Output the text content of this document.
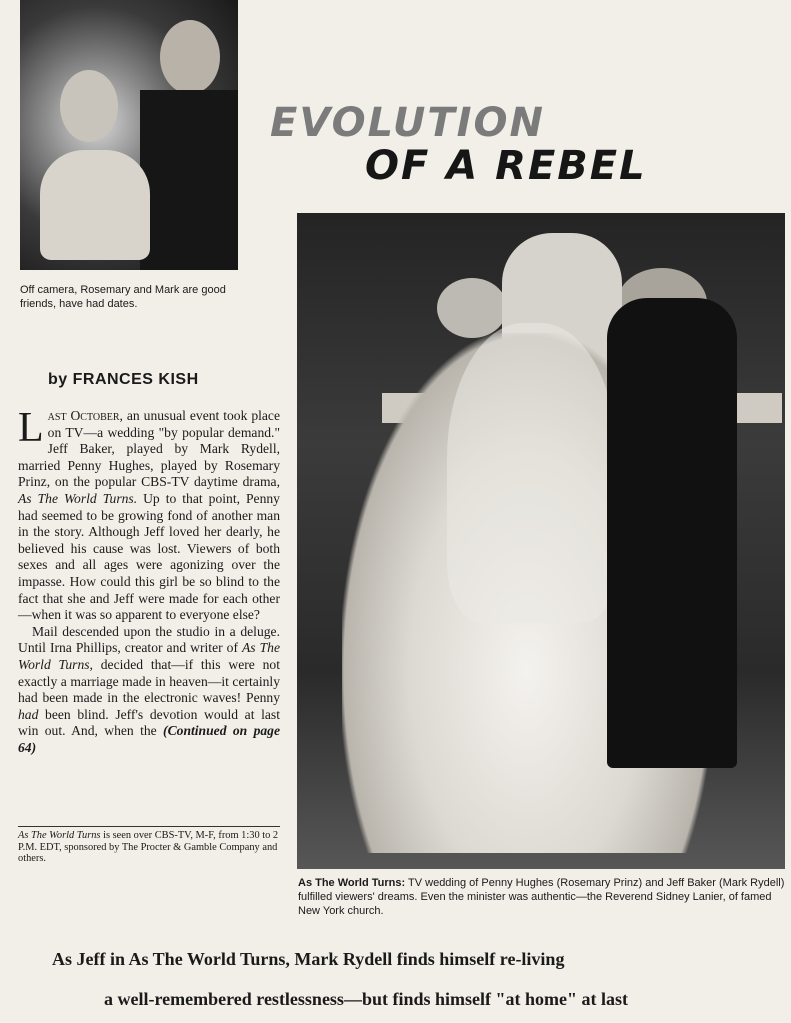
EVOLUTION
OF A REBEL

Off camera, Rosemary and Mark are good friends, have had dates.

by FRANCES KISH

Last October, an unusual event took place on TV—a wedding "by popular demand." Jeff Baker, played by Mark Rydell, married Penny Hughes, played by Rosemary Prinz, on the popular CBS-TV daytime drama, As The World Turns. Up to that point, Penny had seemed to be growing fond of another man in the story. Although Jeff loved her dearly, he believed his cause was lost. Viewers of both sexes and all ages were agonizing over the impasse. How could this girl be so blind to the fact that she and Jeff were made for each other—when it was so apparent to everyone else?

Mail descended upon the studio in a deluge. Until Irna Phillips, creator and writer of As The World Turns, decided that—if this were not exactly a marriage made in heaven—it certainly had been made in the electronic waves! Penny had been blind. Jeff's devotion would at last win out. And, when the (Continued on page 64)

As The World Turns is seen over CBS-TV, M-F, from 1:30 to 2 P.M. EDT, sponsored by The Procter & Gamble Company and others.

As The World Turns: TV wedding of Penny Hughes (Rosemary Prinz) and Jeff Baker (Mark Rydell) fulfilled viewers' dreams. Even the minister was authentic—the Reverend Sidney Lanier, of famed New York church.

As Jeff in As The World Turns, Mark Rydell finds himself re-living

a well-remembered restlessness—but finds himself "at home" at last
